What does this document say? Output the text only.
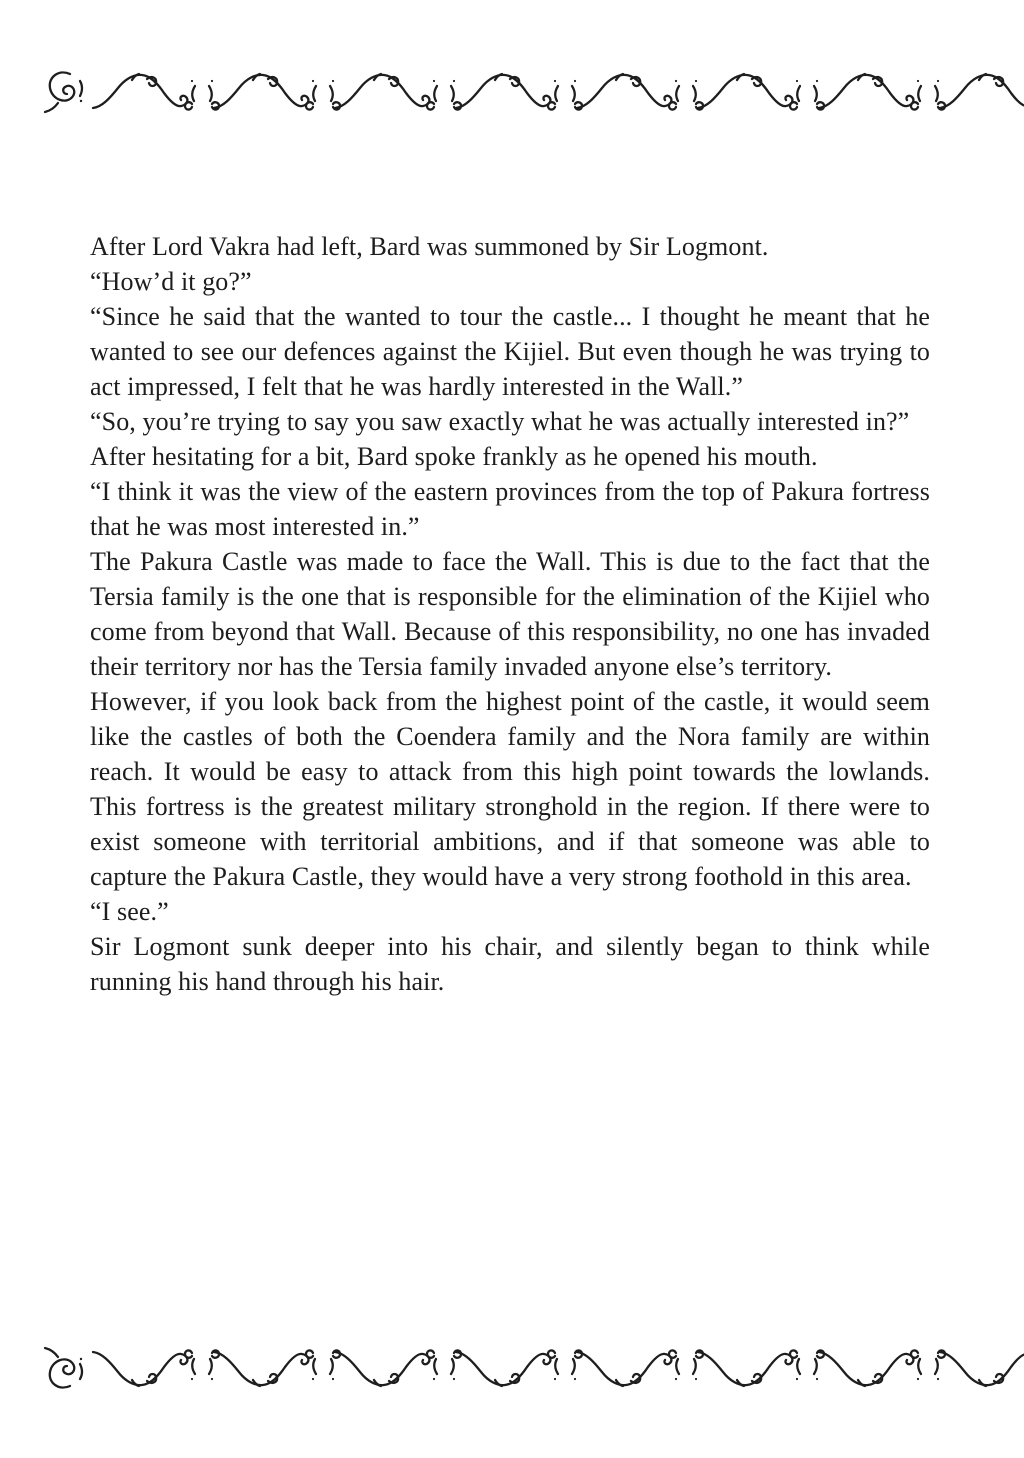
After Lord Vakra had left, Bard was summoned by Sir Logmont.

“How’d it go?”

“Since he said that the wanted to tour the castle... I thought he meant that he wanted to see our defences against the Kijiel. But even though he was trying to act impressed, I felt that he was hardly interested in the Wall.”

“So, you’re trying to say you saw exactly what he was actually interested in?”

After hesitating for a bit, Bard spoke frankly as he opened his mouth.

“I think it was the view of the eastern provinces from the top of Pakura fortress that he was most interested in.”

The Pakura Castle was made to face the Wall. This is due to the fact that the Tersia family is the one that is responsible for the elimination of the Kijiel who come from beyond that Wall. Because of this responsibility, no one has invaded their territory nor has the Tersia family invaded anyone else’s territory.

However, if you look back from the highest point of the castle, it would seem like the castles of both the Coendera family and the Nora family are within reach. It would be easy to attack from this high point towards the lowlands. This fortress is the greatest military stronghold in the region. If there were to exist someone with territorial ambitions, and if that someone was able to capture the Pakura Castle, they would have a very strong foothold in this area.

“I see.”

Sir Logmont sunk deeper into his chair, and silently began to think while running his hand through his hair.
